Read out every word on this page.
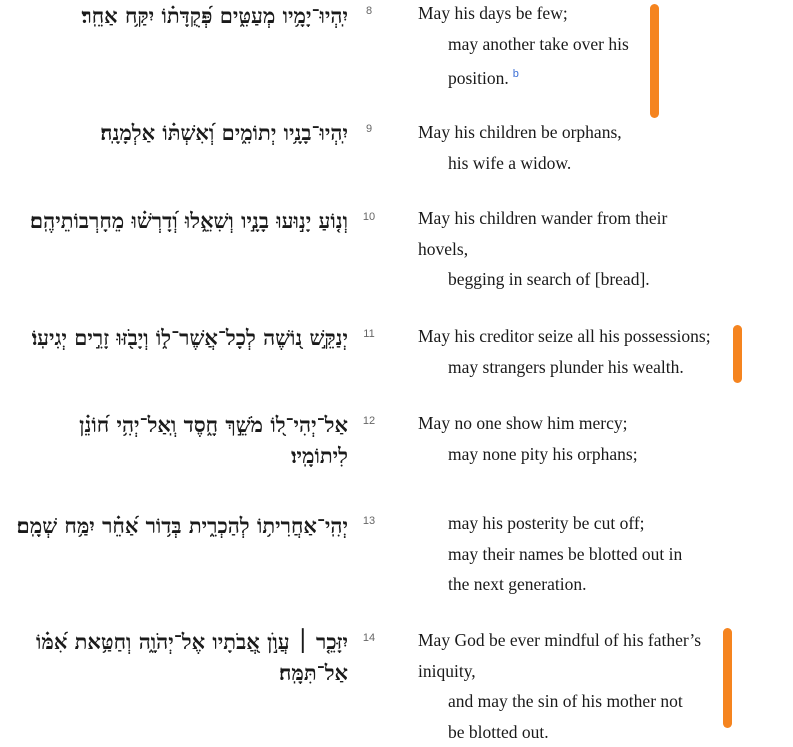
יִֽהְיוּ־יָמָ֥יו מְעַטִּ֑ים פְּ֝קֻדָּת֗וֹ יִקַּ֥ח אַחֵֽר׃	8	May his days be few;
may another take over his
position. $^b$
יִֽהְיוּ־בָנָ֥יו יְתוֹמִ֑ים וְ֝אִשְׁתּ֗וֹ אַלְמָנָֽה׃	9	May his children be orphans,
his wife a widow.
וְנ֤וֹעַ יָנ֣וּעוּ בָנָ֣יו וְשִׁאֵ֑לוּ וְ֝דָרְשׁ֗וּ מֵחָרְבוֹתֵיהֶֽם׃	10 May his children wander from their
hovels,
begging in search of [bread].
יְנַקֵּ֣שׁ נ֭וֹשֶׁה לְכָל־אֲשֶׁר־ל֑וֹ וְיָבֹ֖זּוּ זָרִ֣ים יְגִיעֽוֹ׃	11	May his creditor seize all his possessions;
may strangers plunder his wealth.
אַל־יְהִי־ל֭וֹ מֹשֵׁ֣ךְ חָ֑סֶד וְֽאַל־יְהִ֥י ח֝וֹנֵ֗ן
לִיתוֹמָֽיו׃
12 May no one show him mercy;
may none pity his orphans;
יְהִֽי־אַחֲרִית֥וֹ לְהַכְרִ֑ית בְּד֥וֹר אַ֝חֵ֗ר יִמַּ֥ח שְׁמָֽם׃	13	may his posterity be cut off;
may their names be blotted out in
the next generation.
יִזָּכֵ֤ר ׀ עֲוֺ֣ן אֲ֭בֹתָיו אֶל־יְהֹוָ֑ה וְחַטַּ֥את אִ֝מּ֗וֹ
אַל־תִּמָּֽח׃
14 May God be ever mindful of his father’s
iniquity,
and may the sin of his mother not
be blotted out.
